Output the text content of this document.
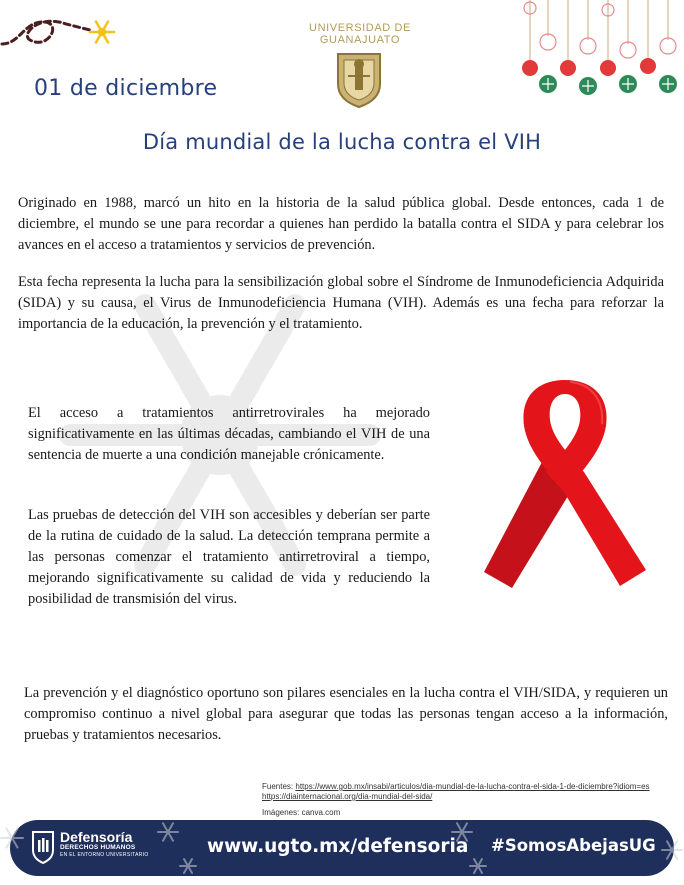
01 de diciembre
UNIVERSIDAD DE
GUANAJUATO
Día mundial de la lucha contra el VIH

Originado en 1988, marcó un hito en la historia de la salud pública global. Desde entonces, cada 1 de diciembre, el mundo se une para recordar a quienes han perdido la batalla contra el SIDA y para celebrar los avances en el acceso a tratamientos y servicios de prevención.

Esta fecha representa la lucha para la sensibilización global sobre el Síndrome de Inmunodeficiencia Adquirida (SIDA) y su causa, el Virus de Inmunodeficiencia Humana (VIH). Además es una fecha para reforzar la importancia de la educación, la prevención y el tratamiento.

El acceso a tratamientos antirretrovirales ha mejorado significativamente en las últimas décadas, cambiando el VIH de una sentencia de muerte a una condición manejable crónicamente.

Las pruebas de detección del VIH son accesibles y deberían ser parte de la rutina de cuidado de la salud. La detección temprana permite a las personas comenzar el tratamiento antirretroviral a tiempo, mejorando significativamente su calidad de vida y reduciendo la posibilidad de transmisión del virus.

La prevención y el diagnóstico oportuno son pilares esenciales en la lucha contra el VIH/SIDA, y requieren un compromiso continuo a nivel global para asegurar que todas las personas tengan acceso a la información, pruebas y tratamientos necesarios.

Fuentes: https://www.gob.mx/insabi/articulos/dia-mundial-de-la-lucha-contra-el-sida-1-de-diciembre?idiom=es
https://diainternacional.org/dia-mundial-del-sida/
Imágenes: canva.com
Defensoría
DERECHOS HUMANOS
EN EL ENTORNO UNIVERSITARIO	www.ugto.mx/defensoria #SomosAbejasUG
